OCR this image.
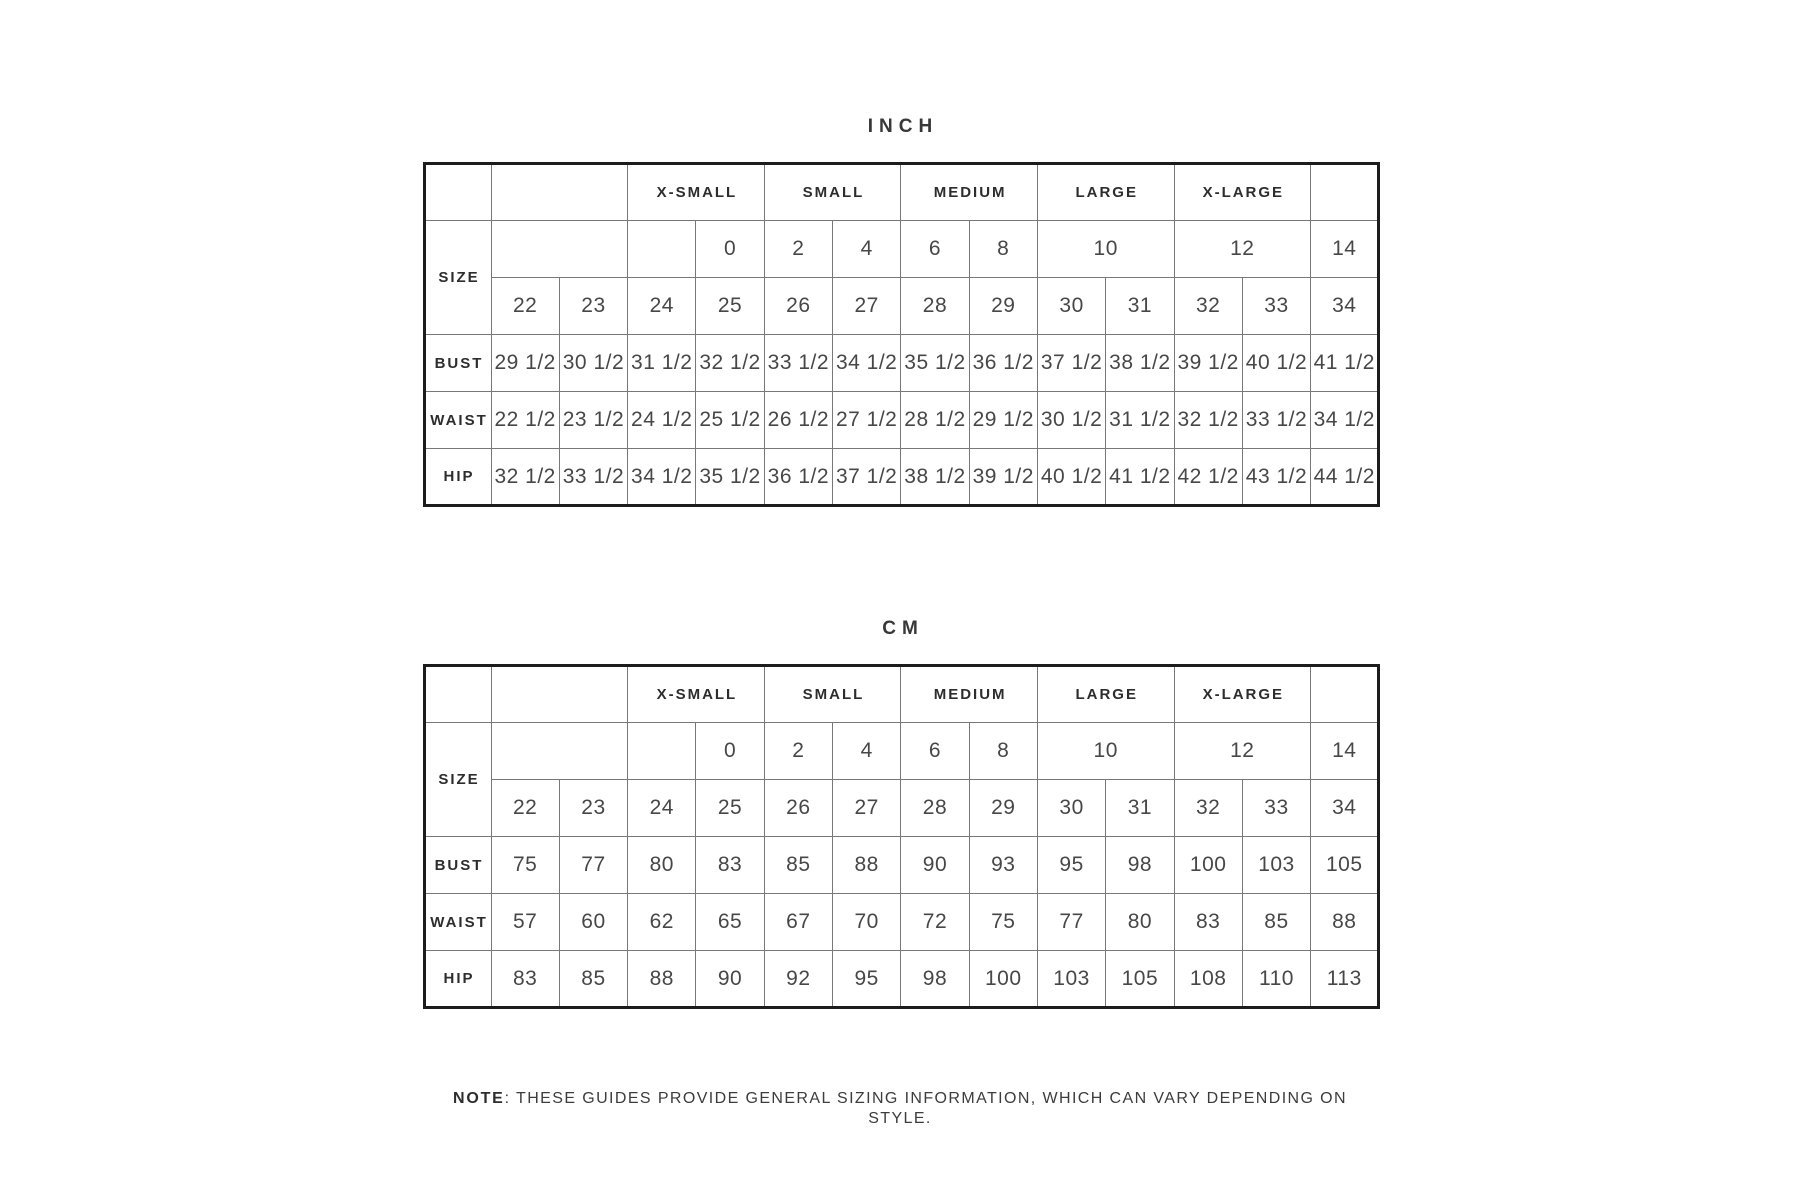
INCH
			X-SMALL		SMALL		MEDIUM		LARGE		X-LARGE		
SIZE				0	2	4	6	8	10		12		14
	22	23	24	25	26	27	28	29	30	31	32	33	34
BUST	29 1/2	30 1/2	31 1/2	32 1/2	33 1/2	34 1/2	35 1/2	36 1/2	37 1/2	38 1/2	39 1/2	40 1/2	41 1/2
WAIST	22 1/2	23 1/2	24 1/2	25 1/2	26 1/2	27 1/2	28 1/2	29 1/2	30 1/2	31 1/2	32 1/2	33 1/2	34 1/2
HIP	32 1/2	33 1/2	34 1/2	35 1/2	36 1/2	37 1/2	38 1/2	39 1/2	40 1/2	41 1/2	42 1/2	43 1/2	44 1/2
CM
			X-SMALL		SMALL		MEDIUM		LARGE		X-LARGE		
SIZE				0	2	4	6	8	10		12		14
	22	23	24	25	26	27	28	29	30	31	32	33	34
BUST	75	77	80	83	85	88	90	93	95	98	100	103	105
WAIST	57	60	62	65	67	70	72	75	77	80	83	85	88
HIP	83	85	88	90	92	95	98	100	103	105	108	110	113

NOTE: THESE GUIDES PROVIDE GENERAL SIZING INFORMATION, WHICH CAN VARY DEPENDING ON STYLE.
